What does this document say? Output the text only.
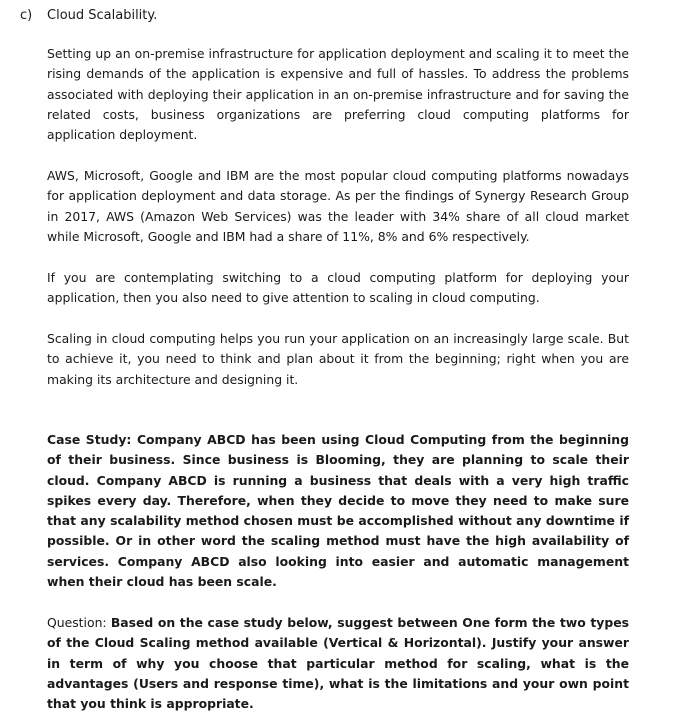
c) Cloud Scalability.

Setting up an on-premise infrastructure for application deployment and scaling it to meet the rising demands of the application is expensive and full of hassles. To address the problems associated with deploying their application in an on-premise infrastructure and for saving the related costs, business organizations are preferring cloud computing platforms for application deployment.

AWS, Microsoft, Google and IBM are the most popular cloud computing platforms nowadays for application deployment and data storage. As per the findings of Synergy Research Group in 2017, AWS (Amazon Web Services) was the leader with 34% share of all cloud market while Microsoft, Google and IBM had a share of 11%, 8% and 6% respectively.

If you are contemplating switching to a cloud computing platform for deploying your application, then you also need to give attention to scaling in cloud computing.

Scaling in cloud computing helps you run your application on an increasingly large scale. But to achieve it, you need to think and plan about it from the beginning; right when you are making its architecture and designing it.

Case Study: Company ABCD has been using Cloud Computing from the beginning of their business. Since business is Blooming, they are planning to scale their cloud. Company ABCD is running a business that deals with a very high traffic spikes every day. Therefore, when they decide to move they need to make sure that any scalability method chosen must be accomplished without any downtime if possible. Or in other word the scaling method must have the high availability of services. Company ABCD also looking into easier and automatic management when their cloud has been scale.

Question: Based on the case study below, suggest between One form the two types of the Cloud Scaling method available (Vertical & Horizontal). Justify your answer in term of why you choose that particular method for scaling, what is the advantages (Users and response time), what is the limitations and your own point that you think is appropriate.
